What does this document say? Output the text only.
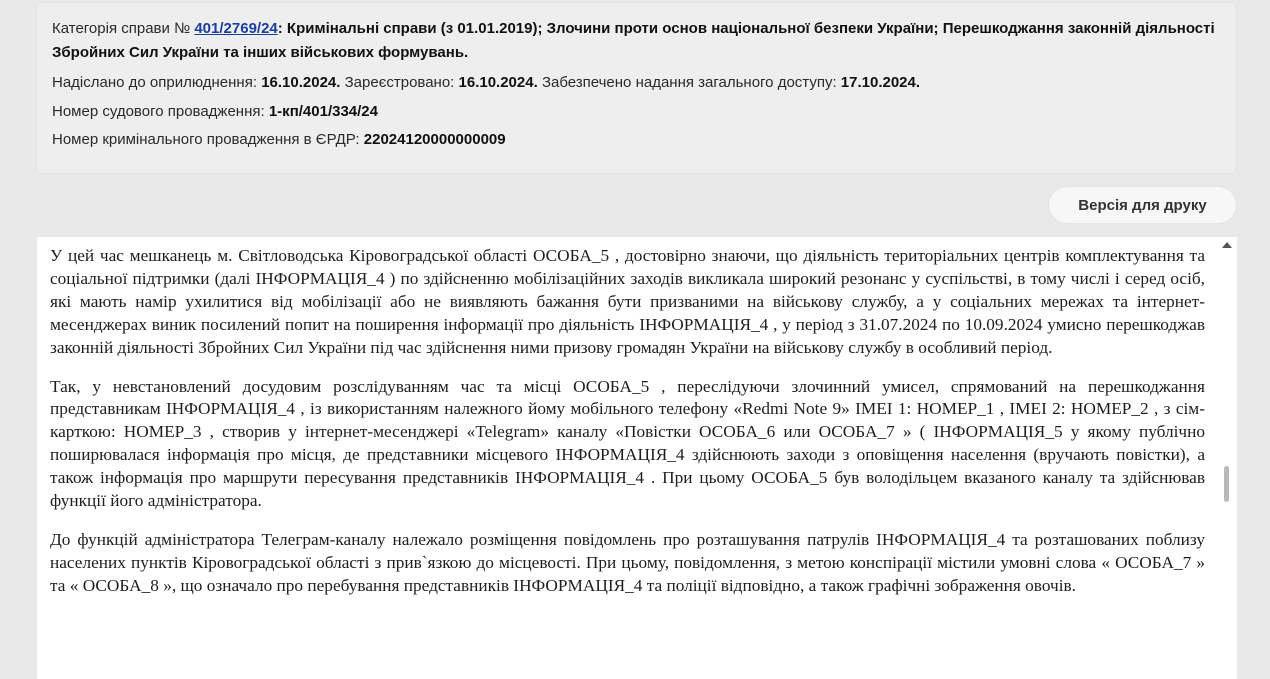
Категорія справи № 401/2769/24: Кримінальні справи (з 01.01.2019); Злочини проти основ національної безпеки України; Перешкоджання законній діяльності Збройних Сил України та інших військових формувань.
Надіслано до оприлюднення: 16.10.2024. Зареєстровано: 16.10.2024. Забезпечено надання загального доступу: 17.10.2024.
Номер судового провадження: 1-кп/401/334/24
Номер кримінального провадження в ЄРДР: 22024120000000009
Версія для друку

У цей час мешканець м. Світловодська Кіровоградської області ОСОБА_5 , достовірно знаючи, що діяльність територіальних центрів комплектування та соціальної підтримки (далі ІНФОРМАЦІЯ_4 ) по здійсненню мобілізаційних заходів викликала широкий резонанс у суспільстві, в тому числі і серед осіб, які мають намір ухилитися від мобілізації або не виявляють бажання бути призваними на військову службу, а у соціальних мережах та інтернет-месенджерах виник посилений попит на поширення інформації про діяльність ІНФОРМАЦІЯ_4 , у період з 31.07.2024 по 10.09.2024 умисно перешкоджав законній діяльності Збройних Сил України під час здійснення ними призову громадян України на військову службу в особливий період.

Так, у невстановлений досудовим розслідуванням час та місці ОСОБА_5 , переслідуючи злочинний умисел, спрямований на перешкоджання представникам ІНФОРМАЦІЯ_4 , із використанням належного йому мобільного телефону «Redmi Note 9» IMEI 1: НОМЕР_1 , IMEI 2: НОМЕР_2 , з сім-карткою: НОМЕР_3 , створив у інтернет-месенджері «Telegram» каналу «Повістки ОСОБА_6 или ОСОБА_7 » ( ІНФОРМАЦІЯ_5 у якому публічно поширювалася інформація про місця, де представники місцевого ІНФОРМАЦІЯ_4 здійснюють заходи з оповіщення населення (вручають повістки), а також інформація про маршрути пересування представників ІНФОРМАЦІЯ_4 . При цьому ОСОБА_5 був володільцем вказаного каналу та здійснював функції його адміністратора.

До функцій адміністратора Телеграм-каналу належало розміщення повідомлень про розташування патрулів ІНФОРМАЦІЯ_4 та розташованих поблизу населених пунктів Кіровоградської області з прив`язкою до місцевості. При цьому, повідомлення, з метою конспірації містили умовні слова « ОСОБА_7 » та « ОСОБА_8 », що означало про перебування представників ІНФОРМАЦІЯ_4 та поліції відповідно, а також графічні зображення овочів.
